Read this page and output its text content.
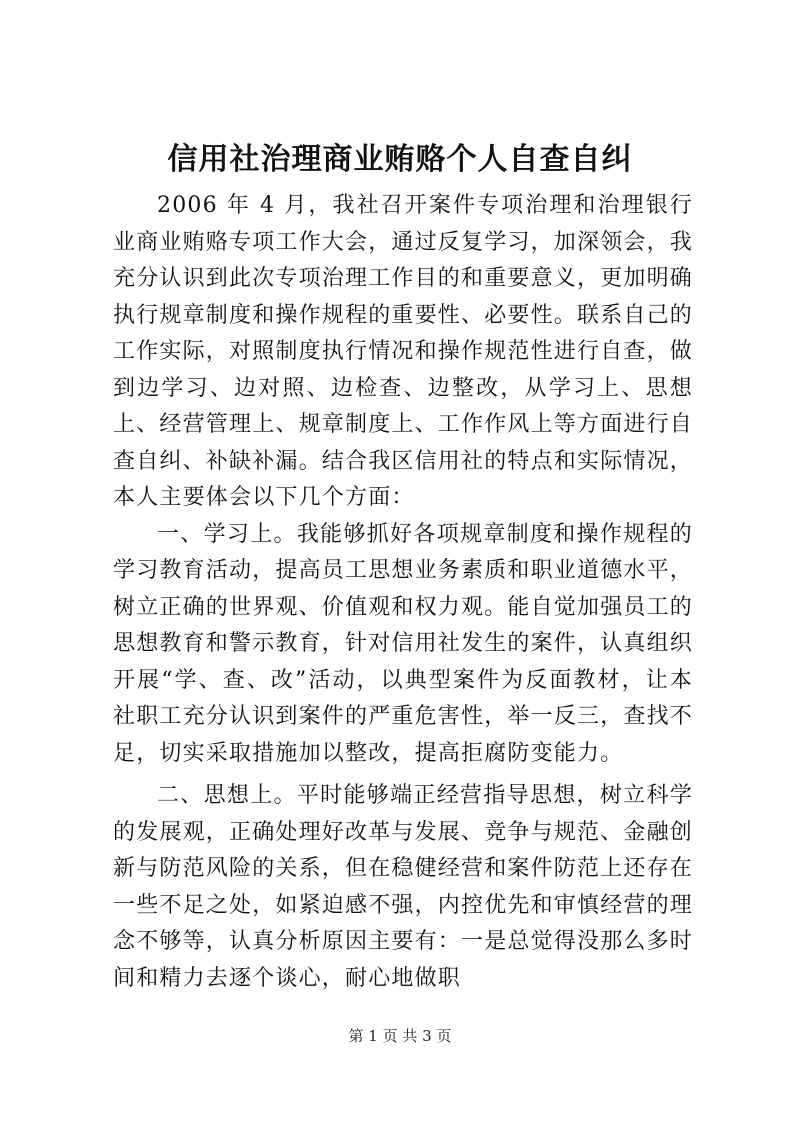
信用社治理商业贿赂个人自查自纠

2006 年 4 月，我社召开案件专项治理和治理银行业商业贿赂专项工作大会，通过反复学习，加深领会，我充分认识到此次专项治理工作目的和重要意义，更加明确执行规章制度和操作规程的重要性、必要性。联系自己的工作实际，对照制度执行情况和操作规范性进行自查，做到边学习、边对照、边检查、边整改，从学习上、思想上、经营管理上、规章制度上、工作作风上等方面进行自查自纠、补缺补漏。结合我区信用社的特点和实际情况，本人主要体会以下几个方面：

一、学习上。我能够抓好各项规章制度和操作规程的学习教育活动，提高员工思想业务素质和职业道德水平，树立正确的世界观、价值观和权力观。能自觉加强员工的思想教育和警示教育，针对信用社发生的案件，认真组织开展“学、查、改”活动，以典型案件为反面教材，让本社职工充分认识到案件的严重危害性，举一反三，查找不足，切实采取措施加以整改，提高拒腐防变能力。

二、思想上。平时能够端正经营指导思想，树立科学的发展观，正确处理好改革与发展、竞争与规范、金融创新与防范风险的关系，但在稳健经营和案件防范上还存在一些不足之处，如紧迫感不强，内控优先和审慎经营的理念不够等，认真分析原因主要有：一是总觉得没那么多时间和精力去逐个谈心，耐心地做职

第 1 页 共 3 页
